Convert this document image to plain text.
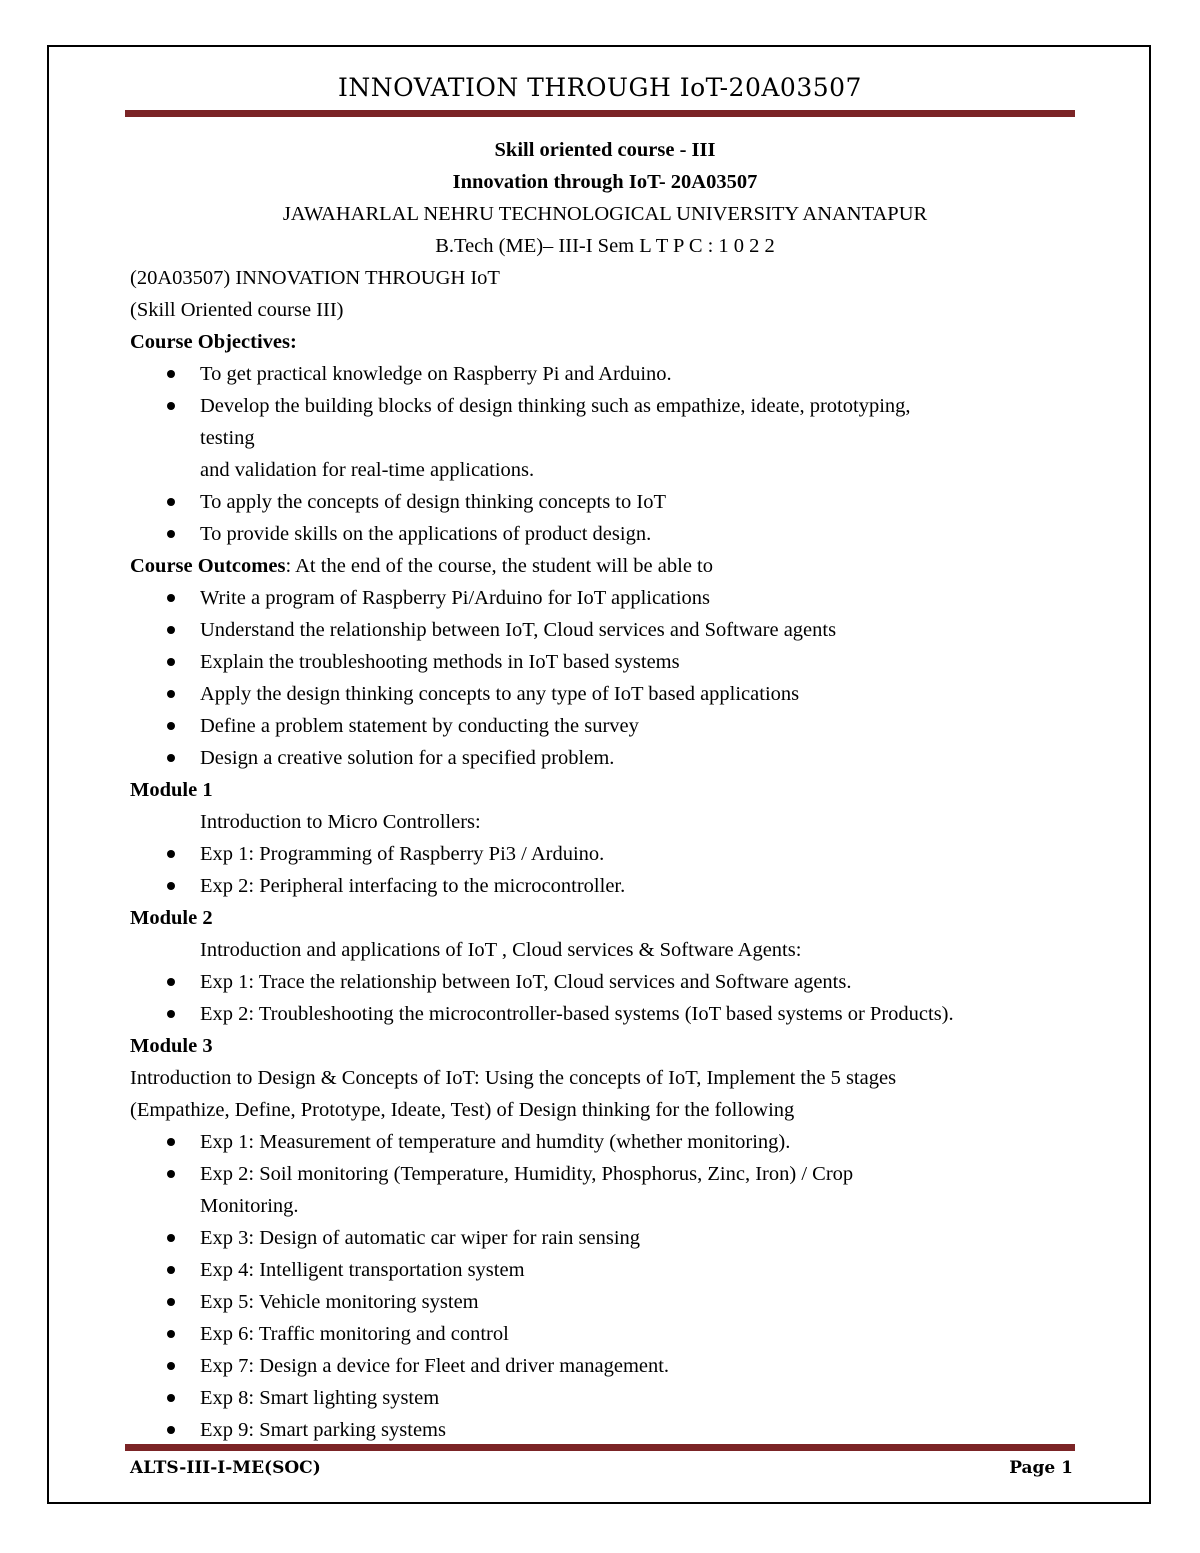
INNOVATION THROUGH IoT-20A03507
Skill oriented course - III
Innovation through IoT- 20A03507
JAWAHARLAL NEHRU TECHNOLOGICAL UNIVERSITY ANANTAPUR
B.Tech (ME)– III-I Sem L T P C : 1 0 2 2
(20A03507) INNOVATION THROUGH IoT
(Skill Oriented course III)
Course Objectives:
To get practical knowledge on Raspberry Pi and Arduino.
Develop the building blocks of design thinking such as empathize, ideate, prototyping,
testing
and validation for real-time applications.
To apply the concepts of design thinking concepts to IoT
To provide skills on the applications of product design.
Course Outcomes: At the end of the course, the student will be able to
Write a program of Raspberry Pi/Arduino for IoT applications
Understand the relationship between IoT, Cloud services and Software agents
Explain the troubleshooting methods in IoT based systems
Apply the design thinking concepts to any type of IoT based applications
Define a problem statement by conducting the survey
Design a creative solution for a specified problem.
Module 1
Introduction to Micro Controllers:
Exp 1: Programming of Raspberry Pi3 / Arduino.
Exp 2: Peripheral interfacing to the microcontroller.
Module 2
Introduction and applications of IoT , Cloud services & Software Agents:
Exp 1: Trace the relationship between IoT, Cloud services and Software agents.
Exp 2: Troubleshooting the microcontroller-based systems (IoT based systems or Products).
Module 3
Introduction to Design & Concepts of IoT: Using the concepts of IoT, Implement the 5 stages
(Empathize, Define, Prototype, Ideate, Test) of Design thinking for the following
Exp 1: Measurement of temperature and humdity (whether monitoring).
Exp 2: Soil monitoring (Temperature, Humidity, Phosphorus, Zinc, Iron) / Crop
Monitoring.
Exp 3: Design of automatic car wiper for rain sensing
Exp 4: Intelligent transportation system
Exp 5: Vehicle monitoring system
Exp 6: Traffic monitoring and control
Exp 7: Design a device for Fleet and driver management.
Exp 8: Smart lighting system
Exp 9: Smart parking systems
ALTS-III-I-ME(SOC)	Page 1
